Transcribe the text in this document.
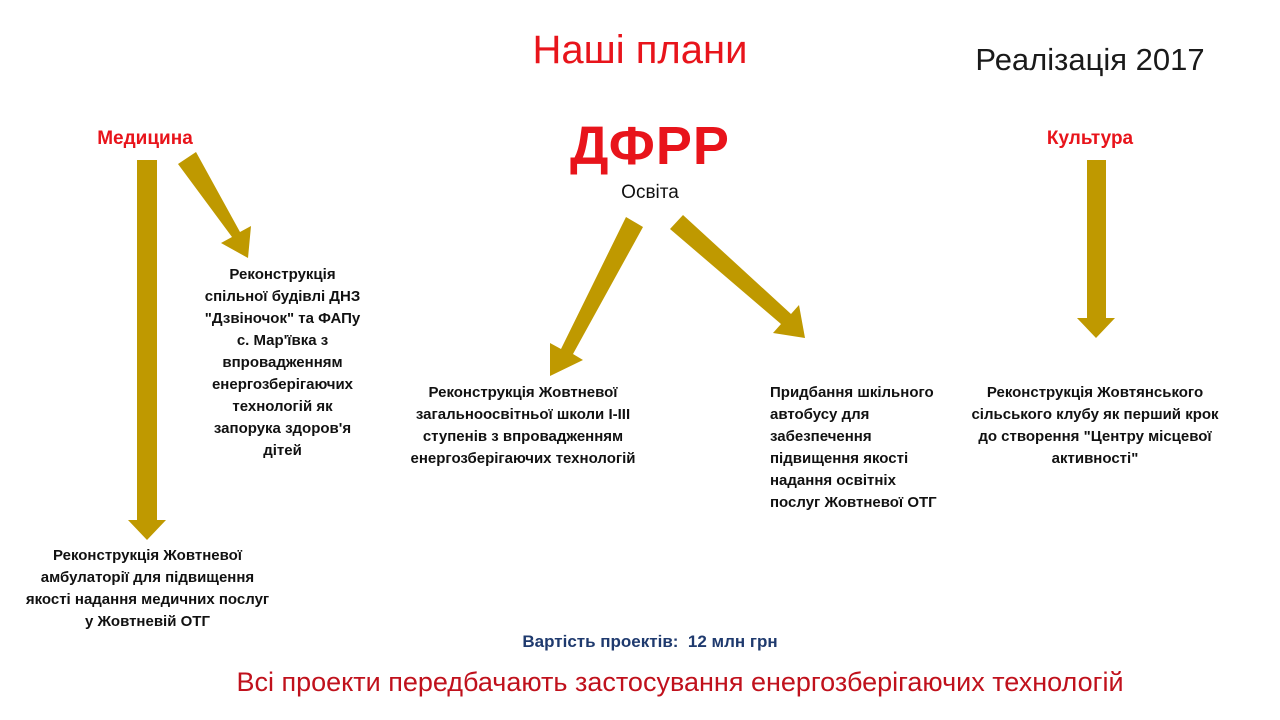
Наші плани	Реалізація 2017
Медицина	ДФРР
Освіта
Культура
Реконструкція спільної будівлі ДНЗ "Дзвіночок" та ФАПу с. Мар'ївка з впровадженням енергозберігаючих технологій як запорука здоров'я дітей
Реконструкція Жовтневої амбулаторії для підвищення якості надання медичних послуг у Жовтневій ОТГ
Реконструкція Жовтневої загальноосвітньої школи І-ІІІ ступенів з впровадженням енергозберігаючих технологій
Придбання шкільного автобусу для забезпечення підвищення якості надання освітніх послуг Жовтневої ОТГ
Реконструкція Жовтянського сільського клубу як перший крок до створення "Центру місцевої активності"
Вартість проектів: 12 млн грн
Всі проекти передбачають застосування енергозберігаючих технологій
